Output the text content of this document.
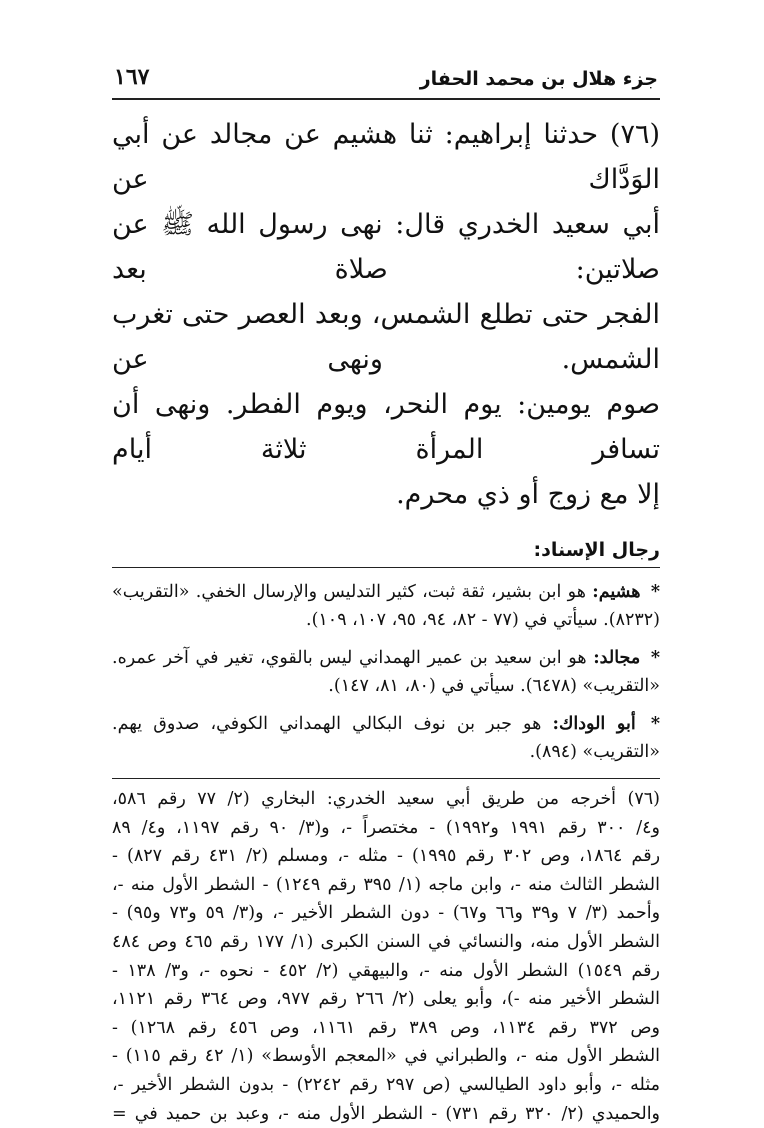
جزء هلال بن محمد الحفار
١٦٧
(٧٦) حدثنا إبراهيم: ثنا هشيم عن مجالد عن أبي الوَدَّاك عن
أبي سعيد الخدري قال: نهى رسول الله ﷺ عن صلاتين: صلاة بعد
الفجر حتى تطلع الشمس، وبعد العصر حتى تغرب الشمس. ونهى عن
صوم يومين: يوم النحر، ويوم الفطر. ونهى أن تسافر المرأة ثلاثة أيام
إلا مع زوج أو ذي محرم.
رجال الإسناد:
* هشيم: هو ابن بشير، ثقة ثبت، كثير التدليس والإرسال الخفي. «التقريب» (٨٢٣٢). سيأتي في (٧٧ - ٨٢، ٩٤، ٩٥، ١٠٧، ١٠٩).
* مجالد: هو ابن سعيد بن عمير الهمداني ليس بالقوي، تغير في آخر عمره. «التقريب» (٦٤٧٨). سيأتي في (٨٠، ٨١، ١٤٧).
* أبو الوداك: هو جبر بن نوف البكالي الهمداني الكوفي، صدوق يهم. «التقريب» (٨٩٤).
(٧٦) أخرجه من طريق أبي سعيد الخدري: البخاري (٢/ ٧٧ رقم ٥٨٦،
و٤/ ٣٠٠ رقم ١٩٩١ و١٩٩٢) - مختصراً -، و(٣/ ٩٠ رقم ١١٩٧، و٤/ ٨٩
رقم ١٨٦٤، وص ٣٠٢ رقم ١٩٩٥) - مثله -، ومسلم (٢/ ٤٣١ رقم ٨٢٧) -
الشطر الثالث منه -، وابن ماجه (١/ ٣٩٥ رقم ١٢٤٩) - الشطر الأول منه -،
وأحمد (٣/ ٧ و٣٩ و٦٦ و٦٧) - دون الشطر الأخير -، و(٣/ ٥٩ و٧٣ و٩٥) -
الشطر الأول منه، والنسائي في السنن الكبرى (١/ ١٧٧ رقم ٤٦٥ وص ٤٨٤
رقم ١٥٤٩) الشطر الأول منه -، والبيهقي (٢/ ٤٥٢ - نحوه -، و٣/ ١٣٨ -
الشطر الأخير منه -)، وأبو يعلى (٢/ ٢٦٦ رقم ٩٧٧، وص ٣٦٤ رقم ١١٢١،
وص ٣٧٢ رقم ١١٣٤، وص ٣٨٩ رقم ١١٦١، وص ٤٥٦ رقم ١٢٦٨) -
الشطر الأول منه -، والطبراني في «المعجم الأوسط» (١/ ٤٢ رقم ١١٥) -
مثله -، وأبو داود الطيالسي (ص ٢٩٧ رقم ٢٢٤٢) - بدون الشطر الأخير -،
والحميدي (٢/ ٣٢٠ رقم ٧٣١) - الشطر الأول منه -، وعبد بن حميد في =
